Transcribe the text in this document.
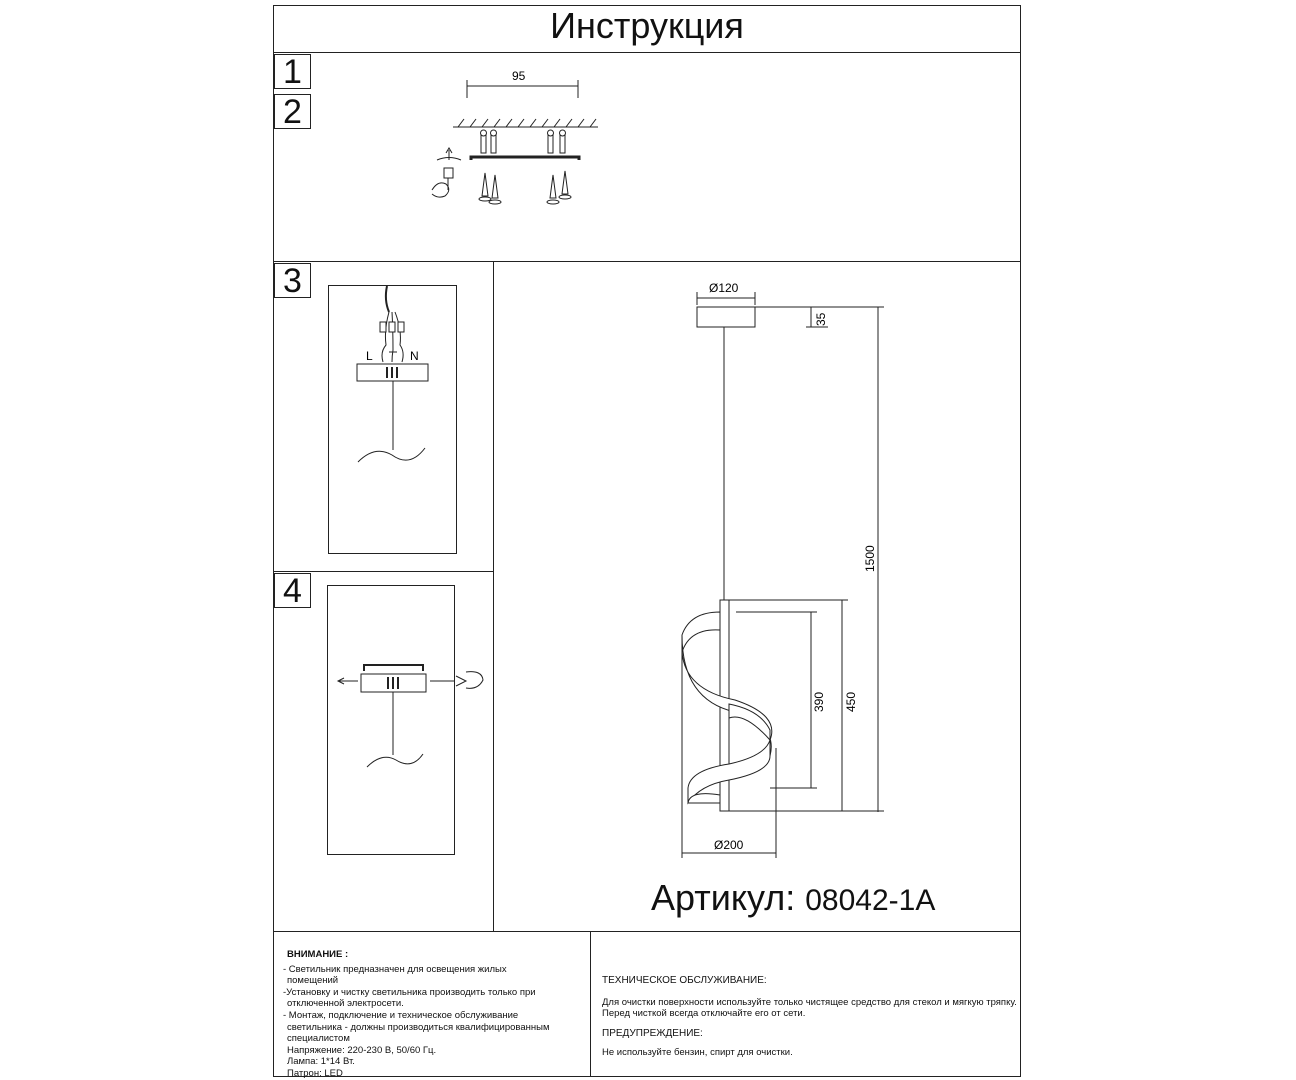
Инструкция
1
2
3
4
95
L	N
Ø120
35
1500
390 450
Ø200
Артикул: 08042-1A
ВНИМАНИЕ :
- Светильник предназначен для освещения жилых
помещений
-Установку и чистку светильника производить только при
отключенной электросети.
- Монтаж, подключение и техническое обслуживание
светильника - должны производиться квалифицированным
специалистом
Напряжение: 220-230 В, 50/60 Гц.
Лампа: 1*14 Вт.
Патрон: LED
ТЕХНИЧЕСКОЕ ОБСЛУЖИВАНИЕ:
Для очистки поверхности используйте только чистящее средство для стекол и мягкую тряпку.
Перед чисткой всегда отключайте его от сети.
ПРЕДУПРЕЖДЕНИЕ:
Не используйте бензин, спирт для очистки.
